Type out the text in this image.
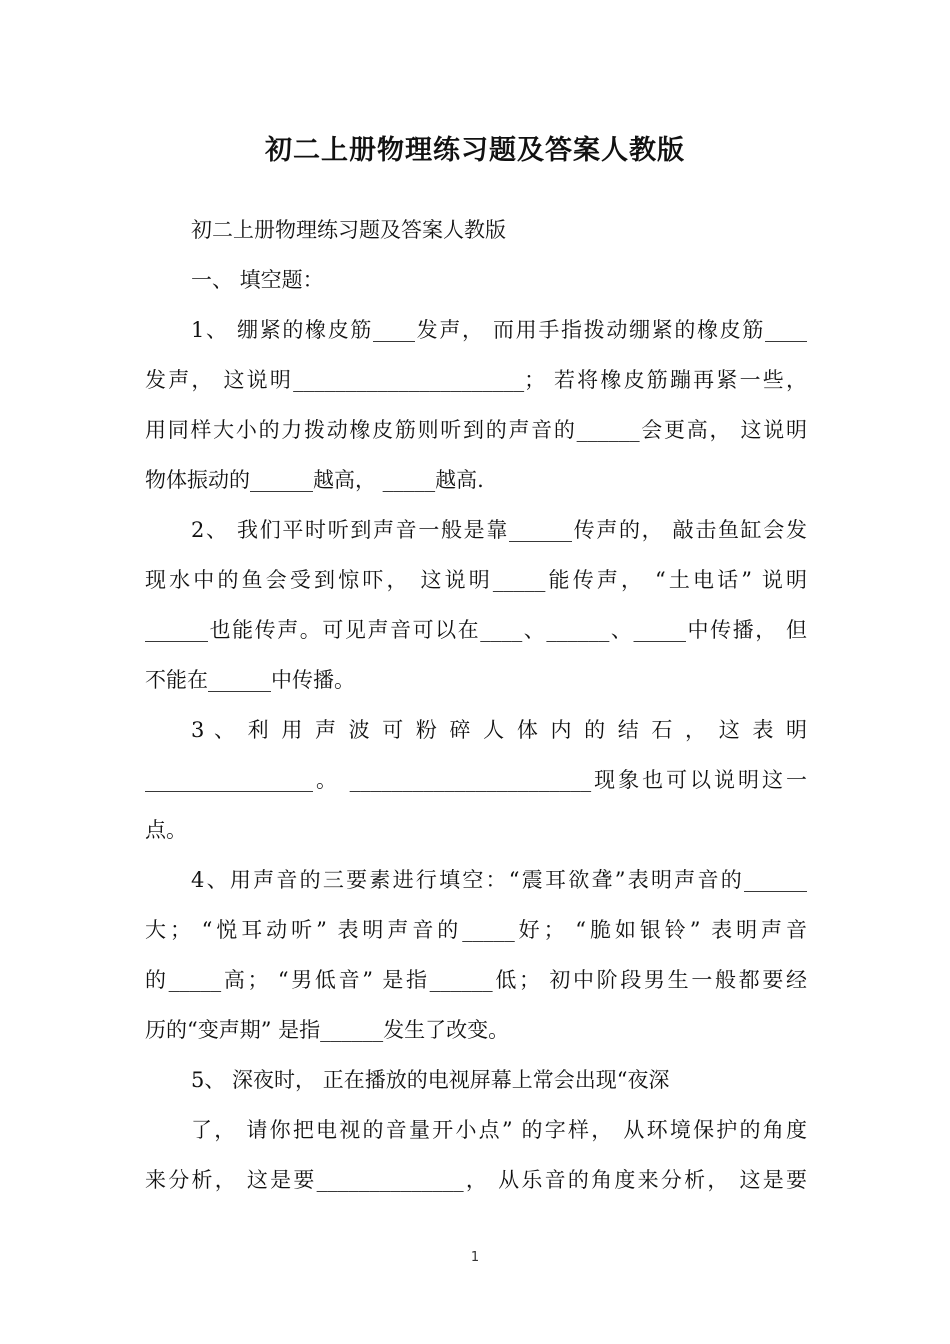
初二上册物理练习题及答案人教版
初二上册物理练习题及答案人教版
一、 填空题：
1、 绷紧的橡皮筋____发声， 而用手指拨动绷紧的橡皮筋____
发声， 这说明______________________； 若将橡皮筋蹦再紧一些，
用同样大小的力拨动橡皮筋则听到的声音的______会更高， 这说明
物体振动的______越高， _____越高.
2、 我们平时听到声音一般是靠______传声的， 敲击鱼缸会发
现水中的鱼会受到惊吓， 这说明_____能传声， “土电话” 说明
______也能传声。可见声音可以在____、______、_____中传播， 但
不能在______中传播。
3 、 利 用 声 波 可 粉 碎 人 体 内 的 结 石 ， 这 表 明
________________。 _______________________现象也可以说明这一
点。
4、用声音的三要素进行填空：“震耳欲聋”表明声音的______
大； “悦耳动听” 表明声音的_____好； “脆如银铃” 表明声音
的_____高； “男低音” 是指______低； 初中阶段男生一般都要经
历的“变声期” 是指______发生了改变。
5、 深夜时， 正在播放的电视屏幕上常会出现“夜深
了， 请你把电视的音量开小点” 的字样， 从环境保护的角度
来分析， 这是要______________， 从乐音的角度来分析， 这是要
1
